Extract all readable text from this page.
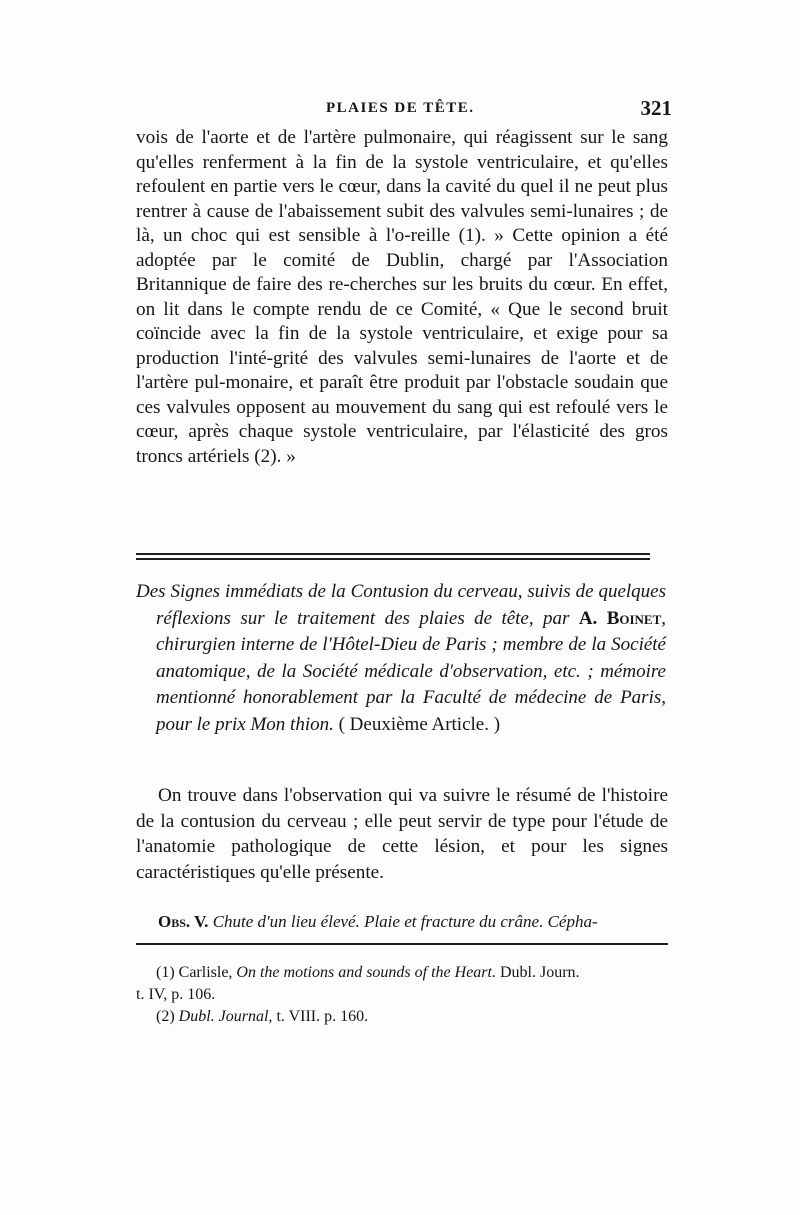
PLAIES DE TÊTE.	321

vois de l'aorte et de l'artère pulmonaire, qui réagissent sur le sang qu'elles renferment à la fin de la systole ventriculaire, et qu'elles refoulent en partie vers le cœur, dans la cavité du quel il ne peut plus rentrer à cause de l'abaissement subit des valvules semi-lunaires ; de là, un choc qui est sensible à l'o-reille (1). » Cette opinion a été adoptée par le comité de Dublin, chargé par l'Association Britannique de faire des re-cherches sur les bruits du cœur. En effet, on lit dans le compte rendu de ce Comité, « Que le second bruit coïncide avec la fin de la systole ventriculaire, et exige pour sa production l'inté-grité des valvules semi-lunaires de l'aorte et de l'artère pul-monaire, et paraît être produit par l'obstacle soudain que ces valvules opposent au mouvement du sang qui est refoulé vers le cœur, après chaque systole ventriculaire, par l'élasticité des gros troncs artériels (2). »

Des Signes immédiats de la Contusion du cerveau, suivis de quelques réflexions sur le traitement des plaies de tête, par A. Boinet, chirurgien interne de l'Hôtel-Dieu de Paris ; membre de la Société anatomique, de la Société médicale d'observation, etc. ; mémoire mentionné honorablement par la Faculté de médecine de Paris, pour le prix Mon thion. ( Deuxième Article. )

On trouve dans l'observation qui va suivre le résumé de l'histoire de la contusion du cerveau ; elle peut servir de type pour l'étude de l'anatomie pathologique de cette lésion, et pour les signes caractéristiques qu'elle présente.

Obs. V. Chute d'un lieu élevé. Plaie et fracture du crâne. Cépha-

(1) Carlisle, On the motions and sounds of the Heart. Dubl. Journ.

t. IV, p. 106.

(2) Dubl. Journal, t. VIII. p. 160.
